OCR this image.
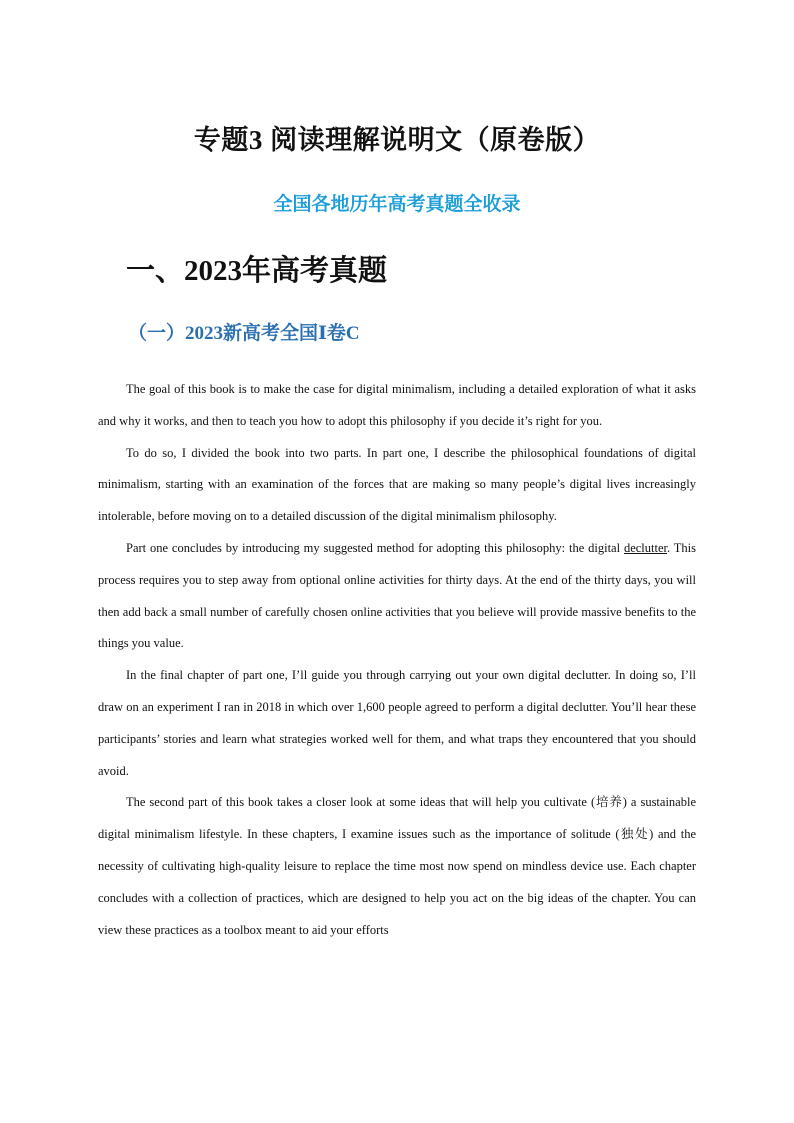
专题3 阅读理解说明文（原卷版）
全国各地历年高考真题全收录
一、2023年高考真题
（一）2023新高考全国Ⅰ卷C

The goal of this book is to make the case for digital minimalism, including a detailed exploration of what it asks and why it works, and then to teach you how to adopt this philosophy if you decide it’s right for you.

To do so, I divided the book into two parts. In part one, I describe the philosophical foundations of digital minimalism, starting with an examination of the forces that are making so many people’s digital lives increasingly intolerable, before moving on to a detailed discussion of the digital minimalism philosophy.

Part one concludes by introducing my suggested method for adopting this philosophy: the digital declutter. This process requires you to step away from optional online activities for thirty days. At the end of the thirty days, you will then add back a small number of carefully chosen online activities that you believe will provide massive benefits to the things you value.

In the final chapter of part one, I’ll guide you through carrying out your own digital declutter. In doing so, I’ll draw on an experiment I ran in 2018 in which over 1,600 people agreed to perform a digital declutter. You’ll hear these participants’ stories and learn what strategies worked well for them, and what traps they encountered that you should avoid.

The second part of this book takes a closer look at some ideas that will help you cultivate (培养) a sustainable digital minimalism lifestyle. In these chapters, I examine issues such as the importance of solitude (独处) and the necessity of cultivating high-quality leisure to replace the time most now spend on mindless device use. Each chapter concludes with a collection of practices, which are designed to help you act on the big ideas of the chapter. You can view these practices as a toolbox meant to aid your efforts
